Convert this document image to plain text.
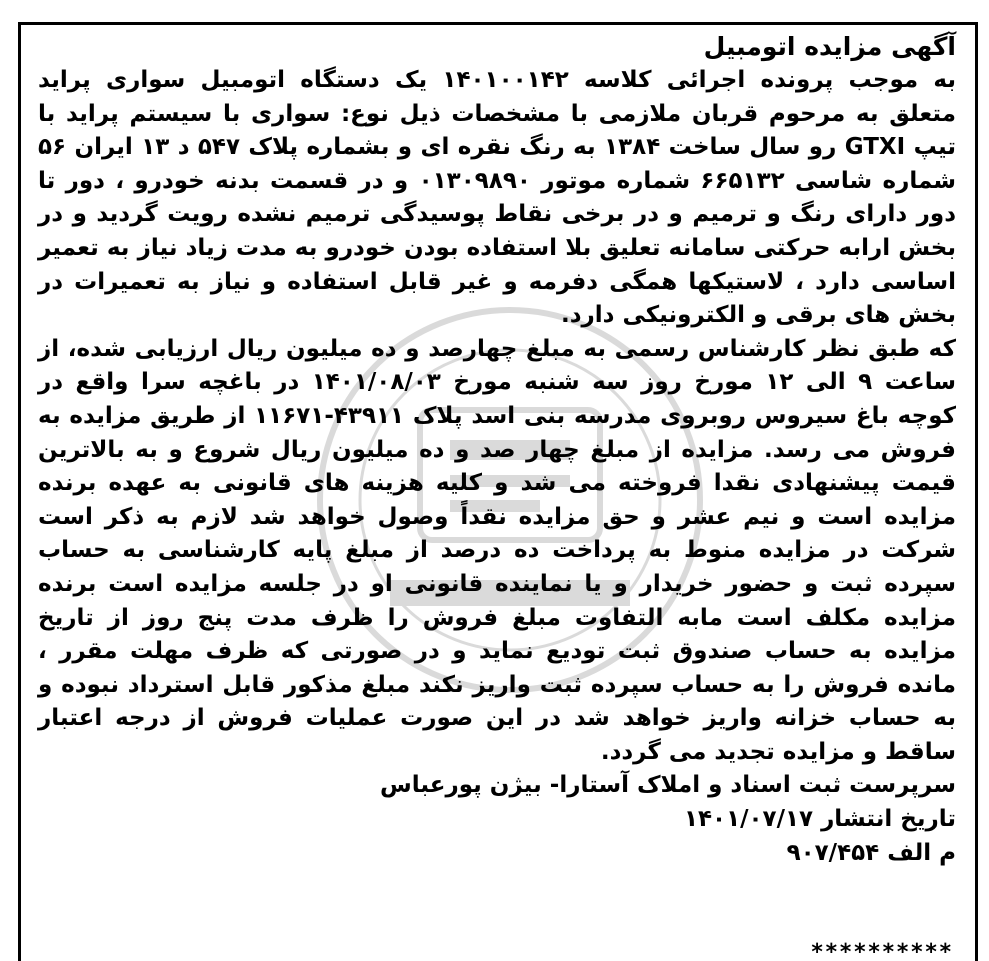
آگهی مزایده اتومبیل

به موجب پرونده اجرائی کلاسه ۱۴۰۱۰۰۱۴۲ یک دستگاه اتومبیل سواری پراید متعلق به مرحوم قربان ملازمی با مشخصات ذیل نوع: سواری با سیستم پراید با تیپ GTXI رو سال ساخت ۱۳۸۴ به رنگ نقره ای و بشماره پلاک ۵۴۷ د ۱۳ ایران ۵۶ شماره شاسی ۶۶۵۱۳۲ شماره موتور ۰۱۳۰۹۸۹۰ و در قسمت بدنه خودرو ، دور تا دور دارای رنگ و ترمیم و در برخی نقاط پوسیدگی ترمیم نشده رویت گردید و در بخش ارابه حرکتی سامانه تعلیق بلا استفاده بودن خودرو به مدت زیاد نیاز به تعمیر اساسی دارد ، لاستیکها همگی دفرمه و غیر قابل استفاده و نیاز به تعمیرات در بخش های برقی و الکترونیکی دارد.

که طبق نظر کارشناس رسمی به مبلغ چهارصد و ده میلیون ریال ارزیابی شده، از ساعت ۹ الی ۱۲ مورخ روز سه شنبه مورخ ۱۴۰۱/۰۸/۰۳ در باغچه سرا واقع در کوچه باغ سیروس روبروی مدرسه بنی اسد پلاک ۴۳۹۱۱-۱۱۶۷۱ از طریق مزایده به فروش می رسد. مزایده از مبلغ چهار صد و ده میلیون ریال شروع و به بالاترین قیمت پیشنهادی نقدا فروخته می شد و کلیه هزینه های قانونی به عهده برنده مزایده است و نیم عشر و حق مزایده نقداً وصول خواهد شد لازم به ذکر است شرکت در مزایده منوط به پرداخت ده درصد از مبلغ پایه کارشناسی به حساب سپرده ثبت و حضور خریدار و یا نماینده قانونی او در جلسه مزایده است برنده مزایده مکلف است مابه التفاوت مبلغ فروش را ظرف مدت پنج روز از تاریخ مزایده به حساب صندوق ثبت تودیع نماید و در صورتی که ظرف مهلت مقرر ، مانده فروش را به حساب سپرده ثبت واریز نکند مبلغ مذکور قابل استرداد نبوده و به حساب خزانه واریز خواهد شد در این صورت عملیات فروش از درجه اعتبار ساقط و مزایده تجدید می گردد.

سرپرست ثبت اسناد و املاک آستارا- بیژن پورعباس

تاریخ انتشار ۱۴۰۱/۰۷/۱۷

م الف ۹۰۷/۴۵۴

**********
